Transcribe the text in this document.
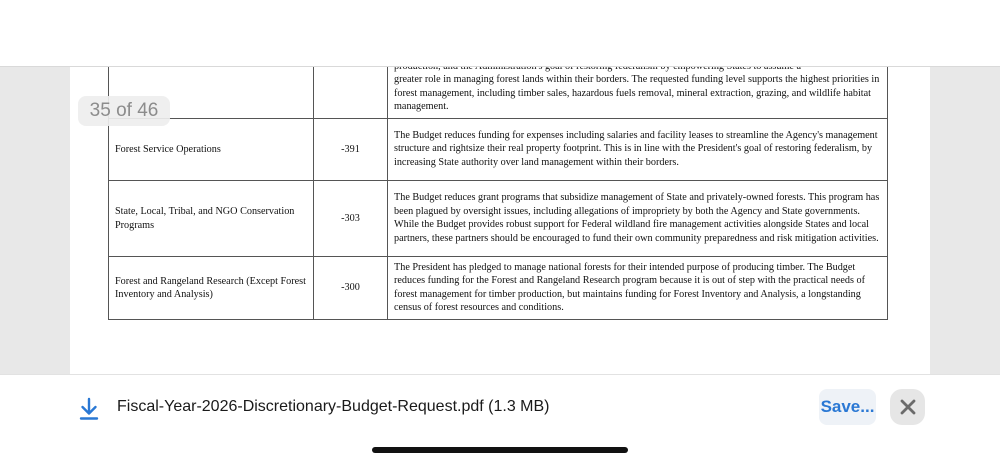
greater role in managing forest lands within their borders. The requested funding level supports the highest priorities in forest management, including timber sales, hazardous fuels removal, mineral extraction, grazing, and wildlife habitat management.
Forest Service Operations	-391	The Budget reduces funding for expenses including salaries and facility leases to streamline the Agency's management structure and rightsize their real property footprint. This is in line with the President's goal of restoring federalism, by increasing State authority over land management within their borders.
State, Local, Tribal, and NGO Conservation Programs	-303	The Budget reduces grant programs that subsidize management of State and privately-owned forests. This program has been plagued by oversight issues, including allegations of impropriety by both the Agency and State governments. While the Budget provides robust support for Federal wildland fire management activities alongside States and local partners, these partners should be encouraged to fund their own community preparedness and risk mitigation activities.
Forest and Rangeland Research (Except Forest Inventory and Analysis)	-300	The President has pledged to manage national forests for their intended purpose of producing timber. The Budget reduces funding for the Forest and Rangeland Research program because it is out of step with the practical needs of forest management for timber production, but maintains funding for Forest Inventory and Analysis, a longstanding census of forest resources and conditions.
35 of 46
Fiscal-Year-2026-Discretionary-Budget-Request.pdf (1.3 MB)	Save...
